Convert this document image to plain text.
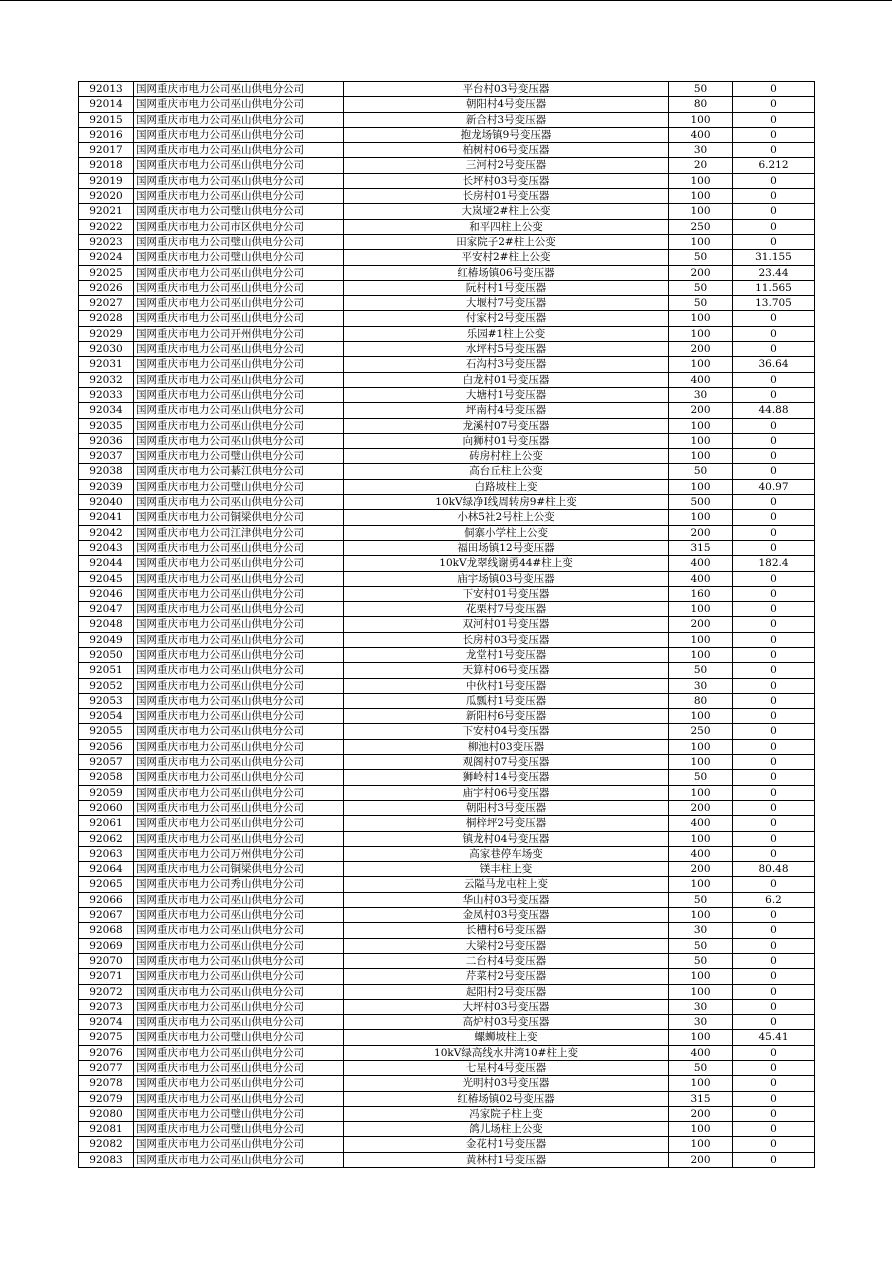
92013	国网重庆市电力公司巫山供电分公司	平台村03号变压器	50	0
92014	国网重庆市电力公司巫山供电分公司	朝阳村4号变压器	80	0
92015	国网重庆市电力公司巫山供电分公司	新合村3号变压器	100	0
92016	国网重庆市电力公司巫山供电分公司	抱龙场镇9号变压器	400	0
92017	国网重庆市电力公司巫山供电分公司	柏树村06号变压器	30	0
92018	国网重庆市电力公司巫山供电分公司	三河村2号变压器	20	6.212
92019	国网重庆市电力公司巫山供电分公司	长坪村03号变压器	100	0
92020	国网重庆市电力公司巫山供电分公司	长房村01号变压器	100	0
92021	国网重庆市电力公司璧山供电分公司	大岚垭2#柱上公变	100	0
92022	国网重庆市电力公司市区供电分公司	和平四柱上公变	250	0
92023	国网重庆市电力公司璧山供电分公司	田家院子2#柱上公变	100	0
92024	国网重庆市电力公司璧山供电分公司	平安村2#柱上公变	50	31.155
92025	国网重庆市电力公司巫山供电分公司	红椿场镇06号变压器	200	23.44
92026	国网重庆市电力公司巫山供电分公司	阮村村1号变压器	50	11.565
92027	国网重庆市电力公司巫山供电分公司	大堰村7号变压器	50	13.705
92028	国网重庆市电力公司巫山供电分公司	付家村2号变压器	100	0
92029	国网重庆市电力公司开州供电分公司	乐园#1柱上公变	100	0
92030	国网重庆市电力公司巫山供电分公司	水坪村5号变压器	200	0
92031	国网重庆市电力公司巫山供电分公司	石沟村3号变压器	100	36.64
92032	国网重庆市电力公司巫山供电分公司	白龙村01号变压器	400	0
92033	国网重庆市电力公司巫山供电分公司	大塘村1号变压器	30	0
92034	国网重庆市电力公司巫山供电分公司	坪南村4号变压器	200	44.88
92035	国网重庆市电力公司巫山供电分公司	龙溪村07号变压器	100	0
92036	国网重庆市电力公司巫山供电分公司	向狮村01号变压器	100	0
92037	国网重庆市电力公司璧山供电分公司	砖房村柱上公变	100	0
92038	国网重庆市电力公司綦江供电分公司	高台丘柱上公变	50	0
92039	国网重庆市电力公司璧山供电分公司	白路坡柱上变	100	40.97
92040	国网重庆市电力公司巫山供电分公司	10kV绿净I线周转房9#柱上变	500	0
92041	国网重庆市电力公司铜梁供电分公司	小林5社2号柱上公变	100	0
92042	国网重庆市电力公司江津供电分公司	侗寨小学柱上公变	200	0
92043	国网重庆市电力公司巫山供电分公司	福田场镇12号变压器	315	0
92044	国网重庆市电力公司巫山供电分公司	10kV龙翠线谢勇44#柱上变	400	182.4
92045	国网重庆市电力公司巫山供电分公司	庙宇场镇03号变压器	400	0
92046	国网重庆市电力公司巫山供电分公司	下安村01号变压器	160	0
92047	国网重庆市电力公司巫山供电分公司	花栗村7号变压器	100	0
92048	国网重庆市电力公司巫山供电分公司	双河村01号变压器	200	0
92049	国网重庆市电力公司巫山供电分公司	长房村03号变压器	100	0
92050	国网重庆市电力公司巫山供电分公司	龙堂村1号变压器	100	0
92051	国网重庆市电力公司巫山供电分公司	天算村06号变压器	50	0
92052	国网重庆市电力公司巫山供电分公司	中伙村1号变压器	30	0
92053	国网重庆市电力公司巫山供电分公司	瓜瓢村1号变压器	80	0
92054	国网重庆市电力公司巫山供电分公司	新阳村6号变压器	100	0
92055	国网重庆市电力公司巫山供电分公司	下安村04号变压器	250	0
92056	国网重庆市电力公司巫山供电分公司	柳池村03变压器	100	0
92057	国网重庆市电力公司巫山供电分公司	观阁村07号变压器	100	0
92058	国网重庆市电力公司巫山供电分公司	狮岭村14号变压器	50	0
92059	国网重庆市电力公司巫山供电分公司	庙宇村06号变压器	100	0
92060	国网重庆市电力公司巫山供电分公司	朝阳村3号变压器	200	0
92061	国网重庆市电力公司巫山供电分公司	桐梓坪2号变压器	400	0
92062	国网重庆市电力公司巫山供电分公司	镇龙村04号变压器	100	0
92063	国网重庆市电力公司万州供电分公司	高家巷停车场变	400	0
92064	国网重庆市电力公司铜梁供电分公司	镁丰柱上变	200	80.48
92065	国网重庆市电力公司秀山供电分公司	云隘马龙屯柱上变	100	0
92066	国网重庆市电力公司巫山供电分公司	华山村03号变压器	50	6.2
92067	国网重庆市电力公司巫山供电分公司	金凤村03号变压器	100	0
92068	国网重庆市电力公司巫山供电分公司	长槽村6号变压器	30	0
92069	国网重庆市电力公司巫山供电分公司	大梁村2号变压器	50	0
92070	国网重庆市电力公司巫山供电分公司	二台村4号变压器	50	0
92071	国网重庆市电力公司巫山供电分公司	芹菜村2号变压器	100	0
92072	国网重庆市电力公司巫山供电分公司	起阳村2号变压器	100	0
92073	国网重庆市电力公司巫山供电分公司	大坪村03号变压器	30	0
92074	国网重庆市电力公司巫山供电分公司	高炉村03号变压器	30	0
92075	国网重庆市电力公司璧山供电分公司	螺蛳坡柱上变	100	45.41
92076	国网重庆市电力公司巫山供电分公司	10kV绿高线水井湾10#柱上变	400	0
92077	国网重庆市电力公司巫山供电分公司	七星村4号变压器	50	0
92078	国网重庆市电力公司巫山供电分公司	光明村03号变压器	100	0
92079	国网重庆市电力公司巫山供电分公司	红椿场镇02号变压器	315	0
92080	国网重庆市电力公司璧山供电分公司	冯家院子柱上变	200	0
92081	国网重庆市电力公司璧山供电分公司	鸽儿场柱上公变	100	0
92082	国网重庆市电力公司巫山供电分公司	金花村1号变压器	100	0
92083	国网重庆市电力公司巫山供电分公司	黄林村1号变压器	200	0
